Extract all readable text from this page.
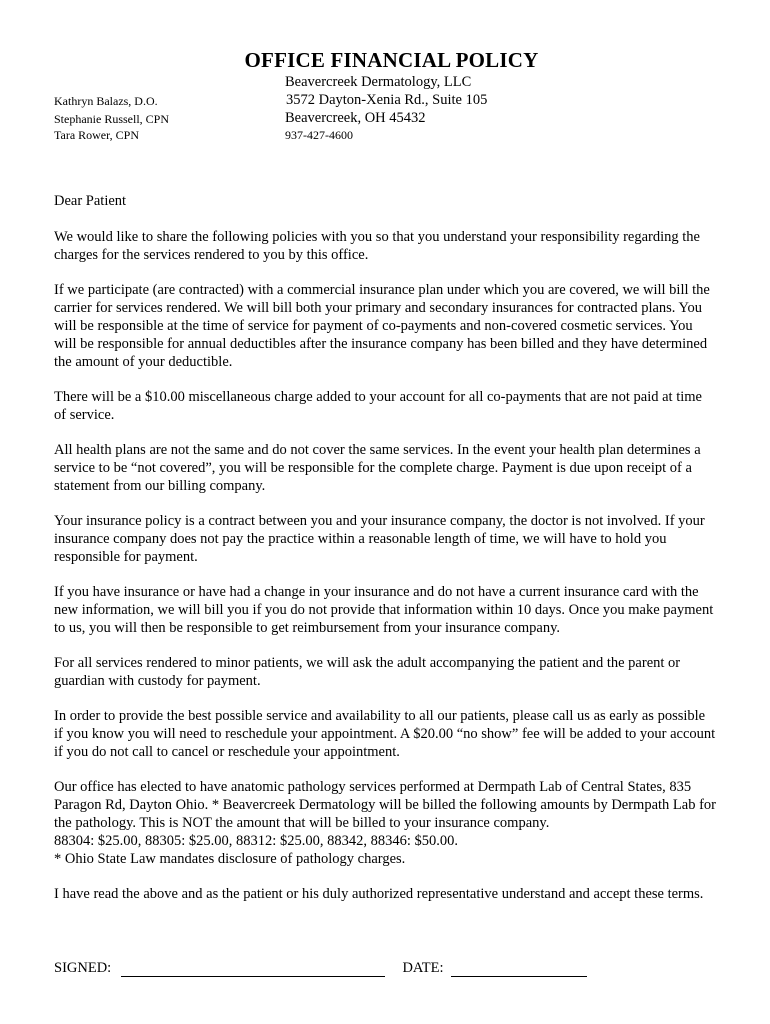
OFFICE FINANCIAL POLICY
Beavercreek Dermatology, LLC
Kathryn Balazs, D.O.	3572 Dayton-Xenia Rd., Suite 105
Stephanie Russell, CPN	Beavercreek, OH 45432
Tara Rower, CPN	937-427-4600

Dear Patient

We would like to share the following policies with you so that you understand your responsibility regarding the charges for the services rendered to you by this office.

If we participate (are contracted) with a commercial insurance plan under which you are covered, we will bill the carrier for services rendered. We will bill both your primary and secondary insurances for contracted plans. You will be responsible at the time of service for payment of co-payments and non-covered cosmetic services. You will be responsible for annual deductibles after the insurance company has been billed and they have determined the amount of your deductible.

There will be a $10.00 miscellaneous charge added to your account for all co-payments that are not paid at time of service.

All health plans are not the same and do not cover the same services. In the event your health plan determines a service to be “not covered”, you will be responsible for the complete charge. Payment is due upon receipt of a statement from our billing company.

Your insurance policy is a contract between you and your insurance company, the doctor is not involved. If your insurance company does not pay the practice within a reasonable length of time, we will have to hold you responsible for payment.

If you have insurance or have had a change in your insurance and do not have a current insurance card with the new information, we will bill you if you do not provide that information within 10 days. Once you make payment to us, you will then be responsible to get reimbursement from your insurance company.

For all services rendered to minor patients, we will ask the adult accompanying the patient and the parent or guardian with custody for payment.

In order to provide the best possible service and availability to all our patients, please call us as early as possible if you know you will need to reschedule your appointment. A $20.00 “no show” fee will be added to your account if you do not call to cancel or reschedule your appointment.

Our office has elected to have anatomic pathology services performed at Dermpath Lab of Central States, 835 Paragon Rd, Dayton Ohio. * Beavercreek Dermatology will be billed the following amounts by Dermpath Lab for the pathology. This is NOT the amount that will be billed to your insurance company.
88304: $25.00, 88305: $25.00, 88312: $25.00, 88342, 88346: $50.00.
* Ohio State Law mandates disclosure of pathology charges.

I have read the above and as the patient or his duly authorized representative understand and accept these terms.

SIGNED:	DATE:
